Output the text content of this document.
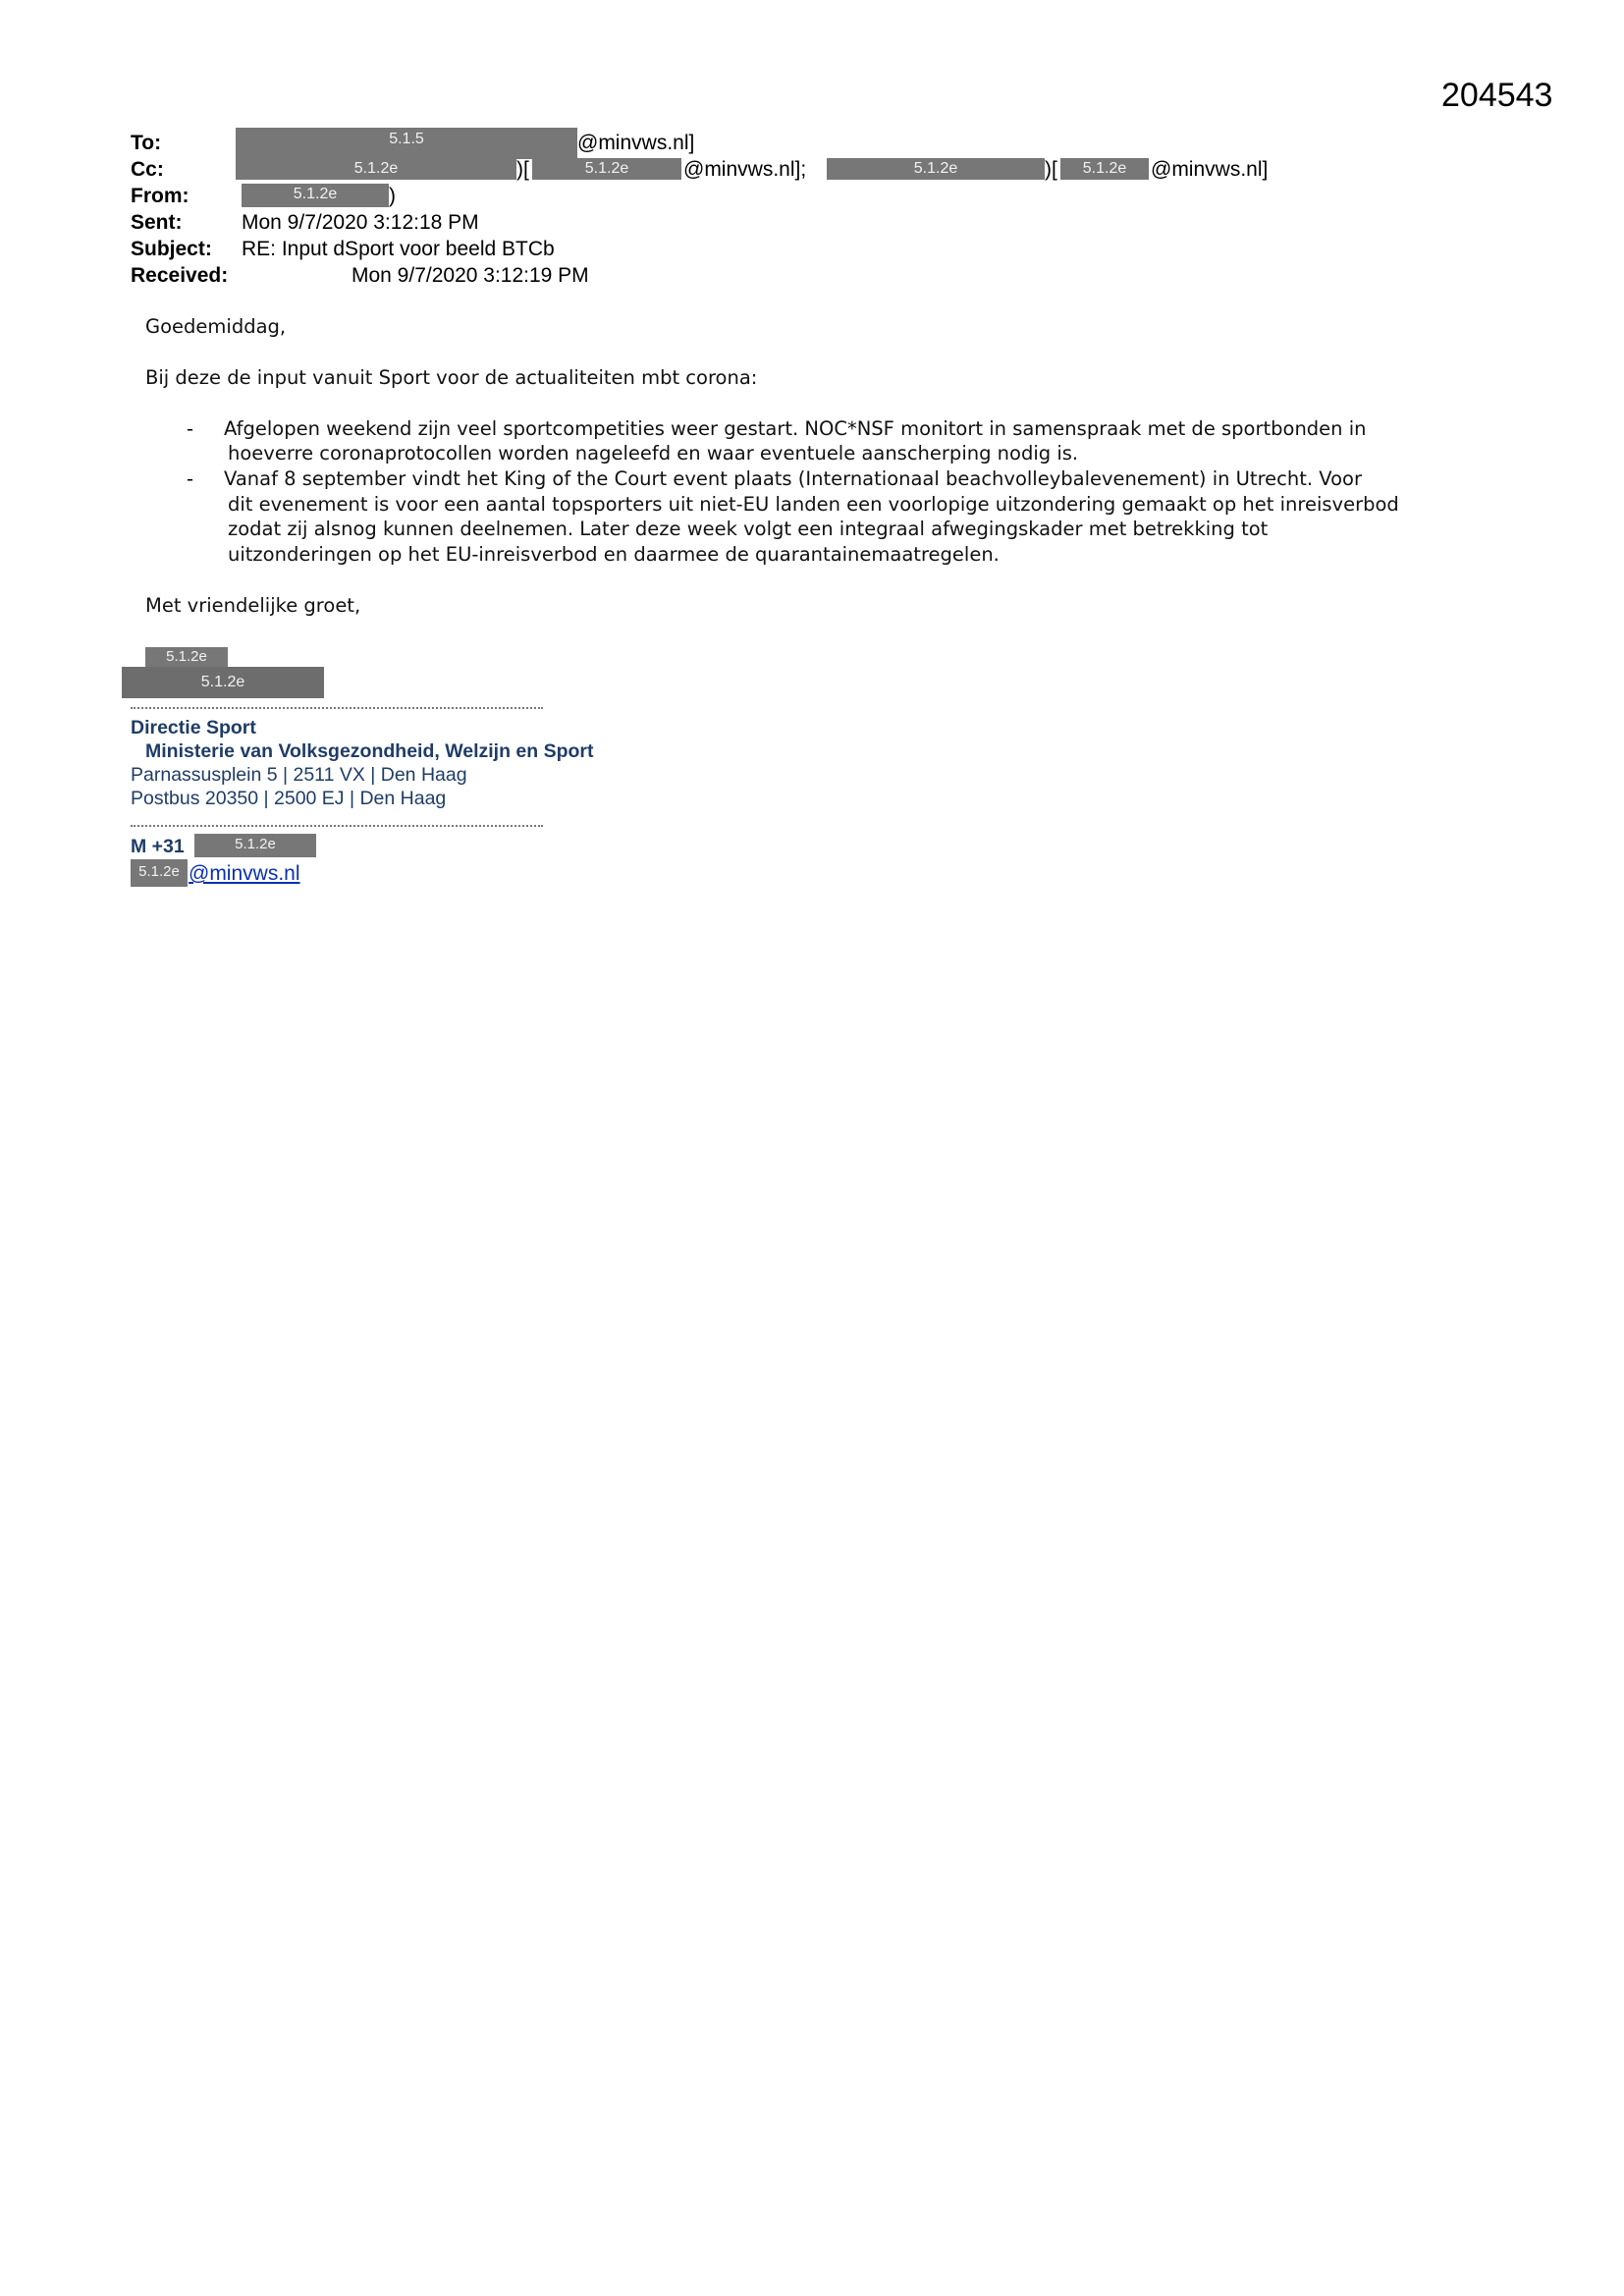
204543
To:	5.1.5	@minvws.nl]
Cc:	5.1.2e	)[	5.1.2e	@minvws.nl];	5.1.2e	)[	5.1.2e	@minvws.nl]
From:	5.1.2e	)
Sent:	Mon 9/7/2020 3:12:18 PM
Subject: RE: Input dSport voor beeld BTCb
Received:	Mon 9/7/2020 3:12:19 PM
Goedemiddag,
Bij deze de input vanuit Sport voor de actualiteiten mbt corona:
- Afgelopen weekend zijn veel sportcompetities weer gestart. NOC*NSF monitort in samenspraak met de sportbonden in
hoeverre coronaprotocollen worden nageleefd en waar eventuele aanscherping nodig is.
- Vanaf 8 september vindt het King of the Court event plaats (Internationaal beachvolleybalevenement) in Utrecht. Voor
dit evenement is voor een aantal topsporters uit niet-EU landen een voorlopige uitzondering gemaakt op het inreisverbod
zodat zij alsnog kunnen deelnemen. Later deze week volgt een integraal afwegingskader met betrekking tot
uitzonderingen op het EU-inreisverbod en daarmee de quarantainemaatregelen.
Met vriendelijke groet,
5.1.2e
5.1.2e
Directie Sport
Ministerie van Volksgezondheid, Welzijn en Sport
Parnassusplein 5 | 2511 VX | Den Haag
Postbus 20350 | 2500 EJ | Den Haag
M +31	5.1.2e
5.1.2e @minvws.nl
